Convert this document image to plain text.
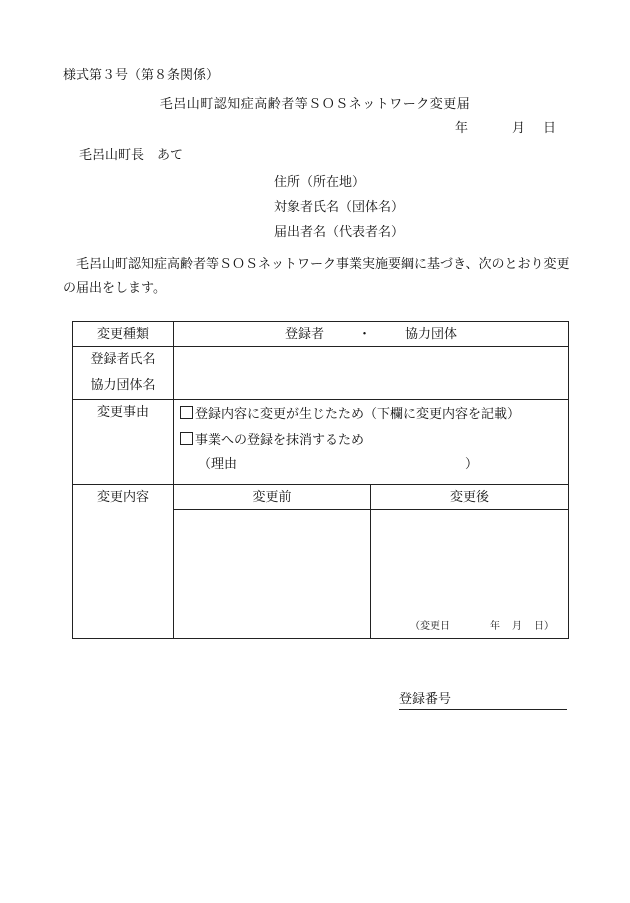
様式第３号（第８条関係）
毛呂山町認知症高齢者等ＳＯＳネットワーク変更届
年	月 日
毛呂山町長　あて
住所（所在地）
対象者氏名（団体名）
届出者名（代表者名）
毛呂山町認知症高齢者等ＳＯＳネットワーク事業実施要綱に基づき、次のとおり変更の届出をします。
変更種類	登録者 ・ 協力団体	

登録者氏名
協力団体名		

変更事由	登録内容に変更が生じたため（下欄に変更内容を記載）
事業への登録を抹消するため
（理由 ）	

変更内容	変更前	変更後

		（変更日 年 月 日）
登録番号
